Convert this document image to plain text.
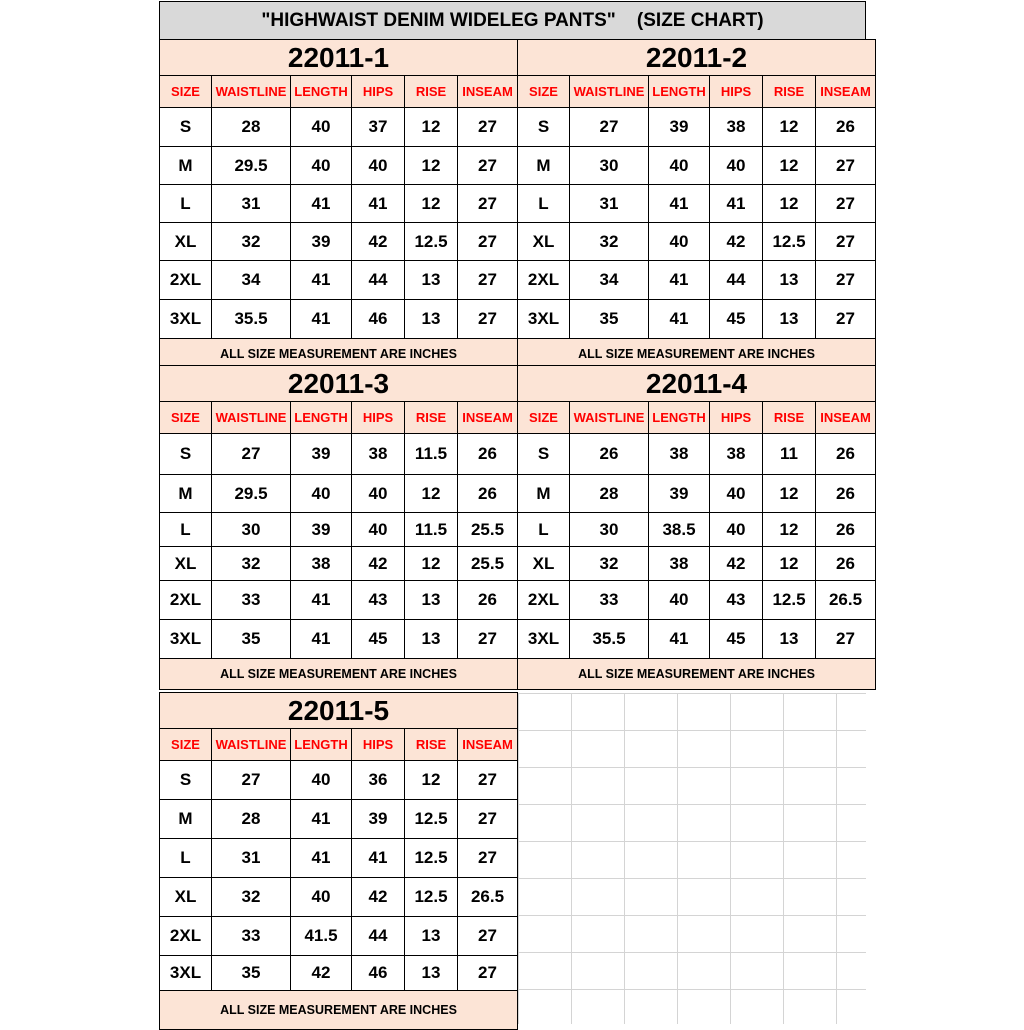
"HIGHWAIST DENIM WIDELEG PANTS"    (SIZE CHART)
22011-1					
SIZE	WAISTLINE	LENGTH	HIPS	RISE	INSEAM
S	28	40	37	12	27
M	29.5	40	40	12	27
L	31	41	41	12	27
XL	32	39	42	12.5	27
2XL	34	41	44	13	27
3XL	35.5	41	46	13	27
ALL SIZE MEASUREMENT ARE INCHES					
22011-2					
SIZE	WAISTLINE	LENGTH	HIPS	RISE	INSEAM
S	27	39	38	12	26
M	30	40	40	12	27
L	31	41	41	12	27
XL	32	40	42	12.5	27
2XL	34	41	44	13	27
3XL	35	41	45	13	27
ALL SIZE MEASUREMENT ARE INCHES					
22011-3					
SIZE	WAISTLINE	LENGTH	HIPS	RISE	INSEAM
S	27	39	38	11.5	26
M	29.5	40	40	12	26
L	30	39	40	11.5	25.5
XL	32	38	42	12	25.5
2XL	33	41	43	13	26
3XL	35	41	45	13	27
ALL SIZE MEASUREMENT ARE INCHES					
22011-4					
SIZE	WAISTLINE	LENGTH	HIPS	RISE	INSEAM
S	26	38	38	11	26
M	28	39	40	12	26
L	30	38.5	40	12	26
XL	32	38	42	12	26
2XL	33	40	43	12.5	26.5
3XL	35.5	41	45	13	27
ALL SIZE MEASUREMENT ARE INCHES					
22011-5					
SIZE	WAISTLINE	LENGTH	HIPS	RISE	INSEAM
S	27	40	36	12	27
M	28	41	39	12.5	27
L	31	41	41	12.5	27
XL	32	40	42	12.5	26.5
2XL	33	41.5	44	13	27
3XL	35	42	46	13	27
ALL SIZE MEASUREMENT ARE INCHES					
